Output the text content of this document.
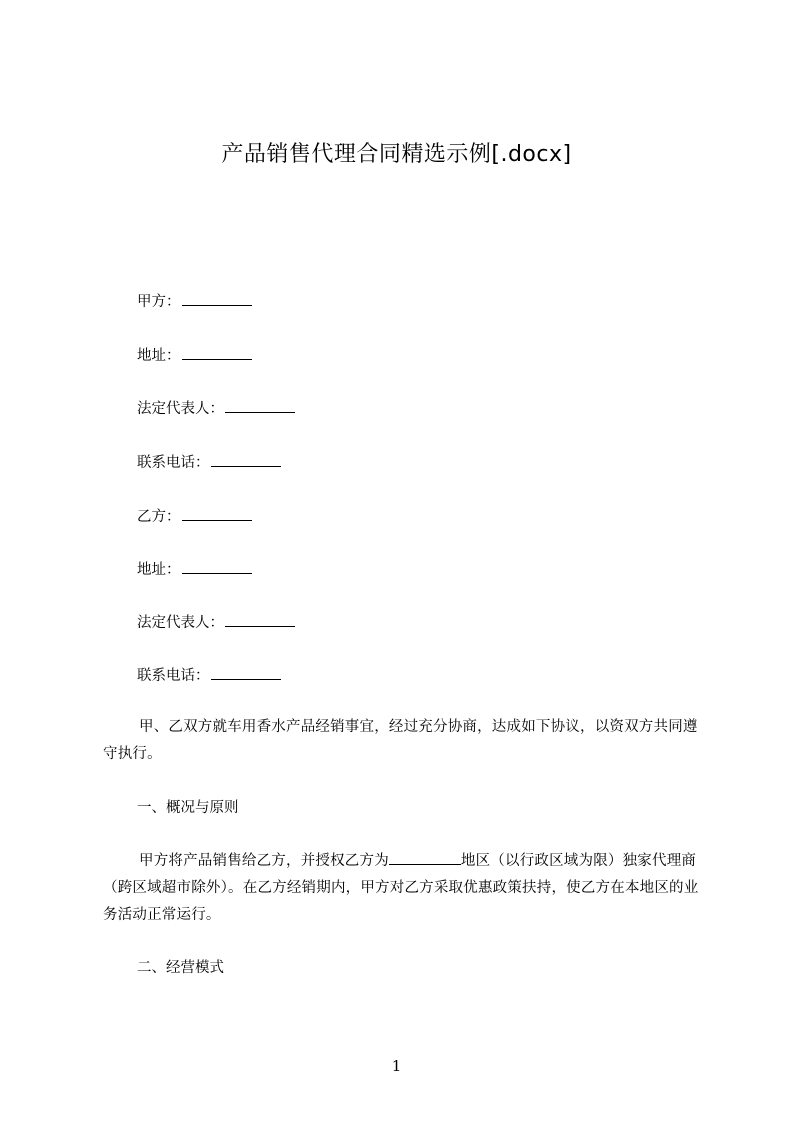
产品销售代理合同精选示例[.docx]
甲方：
地址：
法定代表人：
联系电话：
乙方：
地址：
法定代表人：
联系电话：
甲、乙双方就车用香水产品经销事宜，经过充分协商，达成如下协议，以资双方共同遵守执行。
一、概况与原则
甲方将产品销售给乙方，并授权乙方为	地区（以行政区域为限）独家代理商（跨区域超市除外）。在乙方经销期内，甲方对乙方采取优惠政策扶持，使乙方在本地区的业务活动正常运行。
二、经营模式
1
